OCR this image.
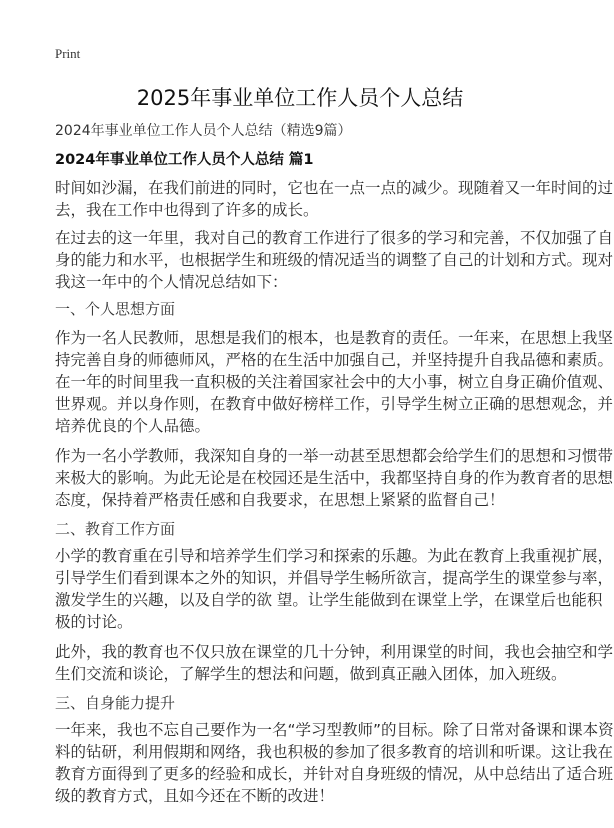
Print
2025年事业单位工作人员个人总结
2024年事业单位工作人员个人总结（精选9篇）
2024年事业单位工作人员个人总结 篇1
时间如沙漏，在我们前进的同时，它也在一点一点的减少。现随着又一年时间的过
去，我在工作中也得到了许多的成长。
在过去的这一年里，我对自己的教育工作进行了很多的学习和完善，不仅加强了自
身的能力和水平，也根据学生和班级的情况适当的调整了自己的计划和方式。现对
我这一年中的个人情况总结如下：
一、个人思想方面
作为一名人民教师，思想是我们的根本，也是教育的责任。一年来，在思想上我坚
持完善自身的师德师风，严格的在生活中加强自己，并坚持提升自我品德和素质。
在一年的时间里我一直积极的关注着国家社会中的大小事，树立自身正确价值观、
世界观。并以身作则，在教育中做好榜样工作，引导学生树立正确的思想观念，并
培养优良的个人品德。
作为一名小学教师，我深知自身的一举一动甚至思想都会给学生们的思想和习惯带
来极大的影响。为此无论是在校园还是生活中，我都坚持自身的作为教育者的思想
态度，保持着严格责任感和自我要求，在思想上紧紧的监督自己！
二、教育工作方面
小学的教育重在引导和培养学生们学习和探索的乐趣。为此在教育上我重视扩展，
引导学生们看到课本之外的知识，并倡导学生畅所欲言，提高学生的课堂参与率，
激发学生的兴趣，以及自学的欲 望。让学生能做到在课堂上学，在课堂后也能积
极的讨论。
此外，我的教育也不仅只放在课堂的几十分钟，利用课堂的时间，我也会抽空和学
生们交流和谈论，了解学生的想法和问题，做到真正融入团体，加入班级。
三、自身能力提升
一年来，我也不忘自己要作为一名“学习型教师”的目标。除了日常对备课和课本资
料的钻研，利用假期和网络，我也积极的参加了很多教育的培训和听课。这让我在
教育方面得到了更多的经验和成长，并针对自身班级的情况，从中总结出了适合班
级的教育方式，且如今还在不断的改进！
